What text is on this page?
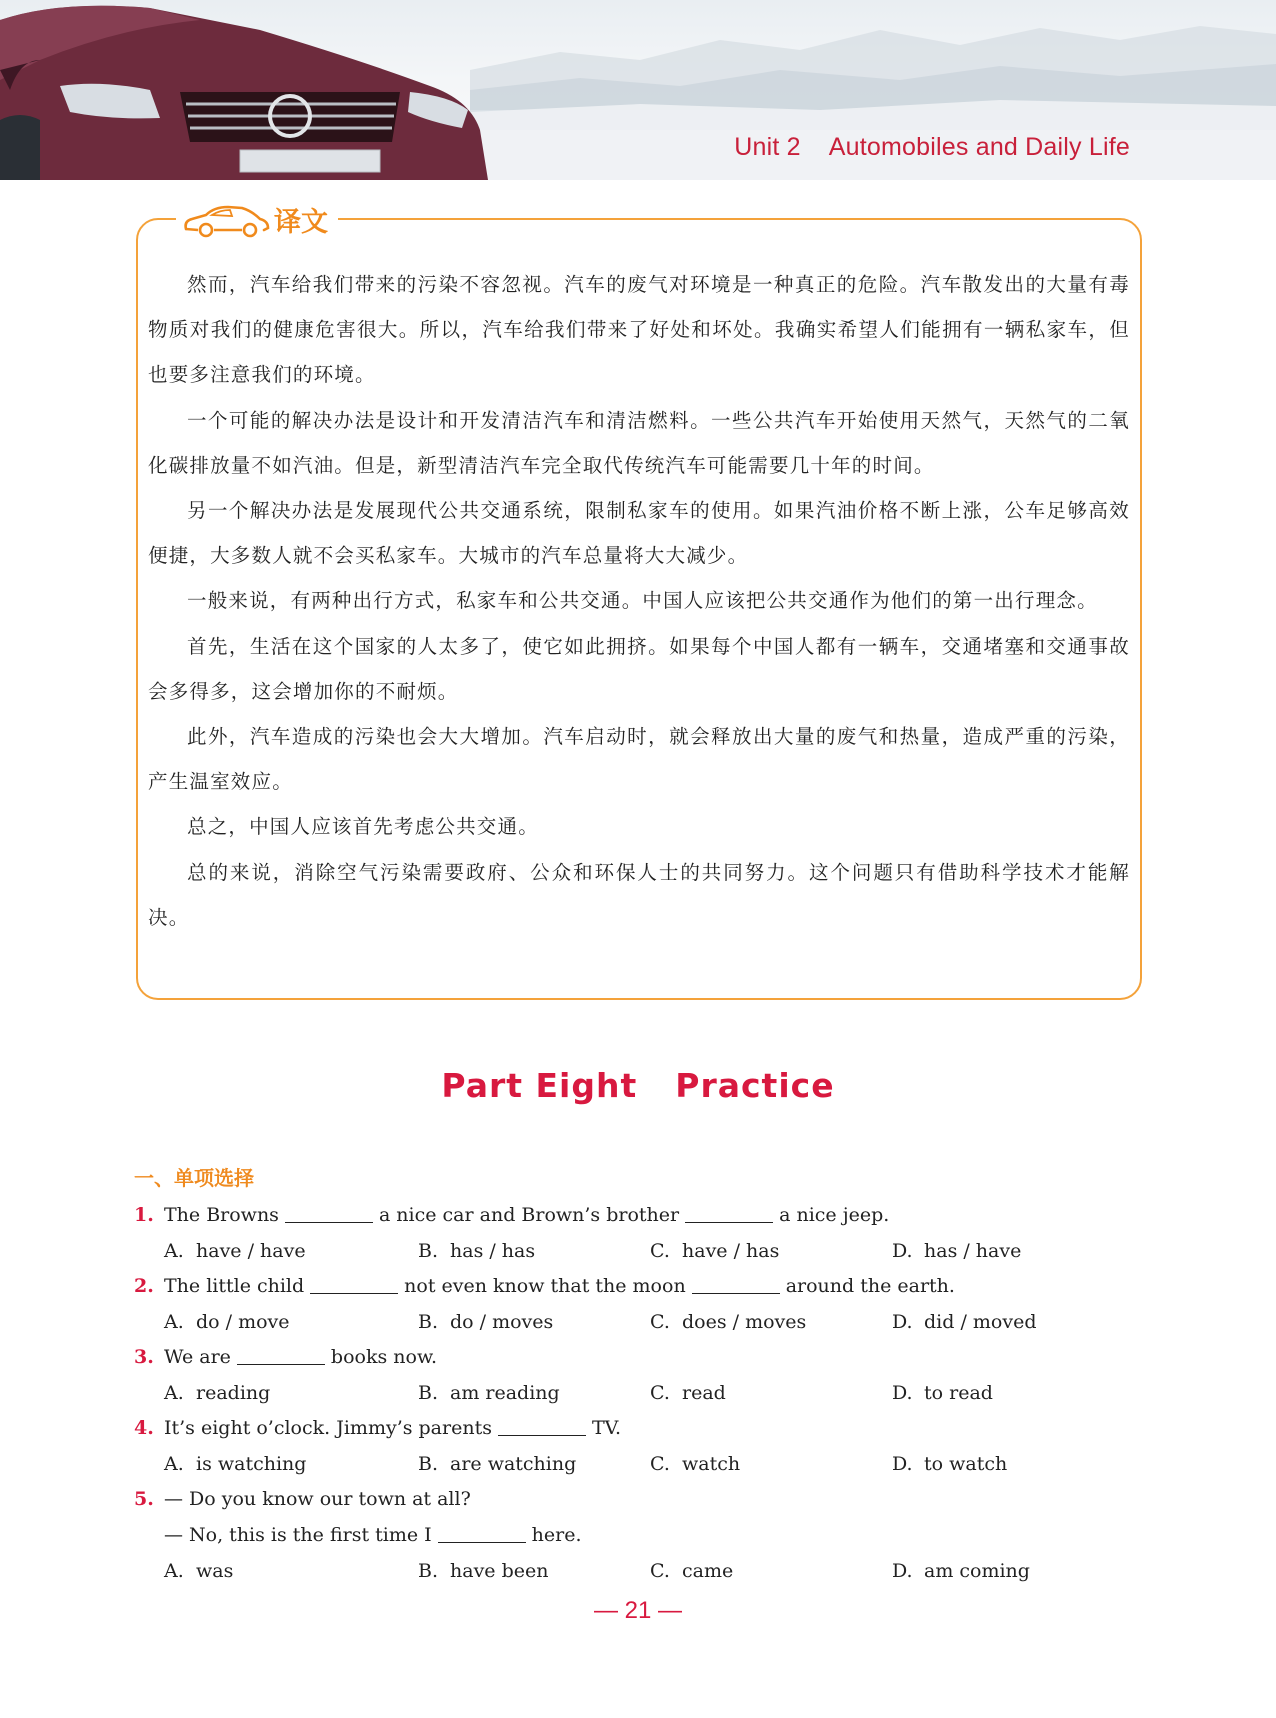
Unit 2 Automobiles and Daily Life
译文

然而，汽车给我们带来的污染不容忽视。汽车的废气对环境是一种真正的危险。汽车散发出的大量有毒物质对我们的健康危害很大。所以，汽车给我们带来了好处和坏处。我确实希望人们能拥有一辆私家车，但也要多注意我们的环境。

一个可能的解决办法是设计和开发清洁汽车和清洁燃料。一些公共汽车开始使用天然气，天然气的二氧化碳排放量不如汽油。但是，新型清洁汽车完全取代传统汽车可能需要几十年的时间。

另一个解决办法是发展现代公共交通系统，限制私家车的使用。如果汽油价格不断上涨，公车足够高效便捷，大多数人就不会买私家车。大城市的汽车总量将大大减少。

一般来说，有两种出行方式，私家车和公共交通。中国人应该把公共交通作为他们的第一出行理念。

首先，生活在这个国家的人太多了，使它如此拥挤。如果每个中国人都有一辆车，交通堵塞和交通事故会多得多，这会增加你的不耐烦。

此外，汽车造成的污染也会大大增加。汽车启动时，就会释放出大量的废气和热量，造成严重的污染，产生温室效应。

总之，中国人应该首先考虑公共交通。

总的来说，消除空气污染需要政府、公众和环保人士的共同努力。这个问题只有借助科学技术才能解决。

Part Eight Practice
一、单项选择
1. The Browns	a nice car and Brown’s brother	a nice jeep.
A. have / have	B. has / has	C. have / has	D. has / have
2. The little child	not even know that the moon	around the earth.
A. do / move	B. do / moves	C. does / moves	D. did / moved
3. We are	books now.
A. reading	B. am reading	C. read	D. to read
4. It’s eight o’clock. Jimmy’s parents	TV.
A. is watching	B. are watching	C. watch	D. to watch
5. — Do you know our town at all?
— No, this is the first time I	here.
A. was	B. have been	C. came	D. am coming
— 21 —
